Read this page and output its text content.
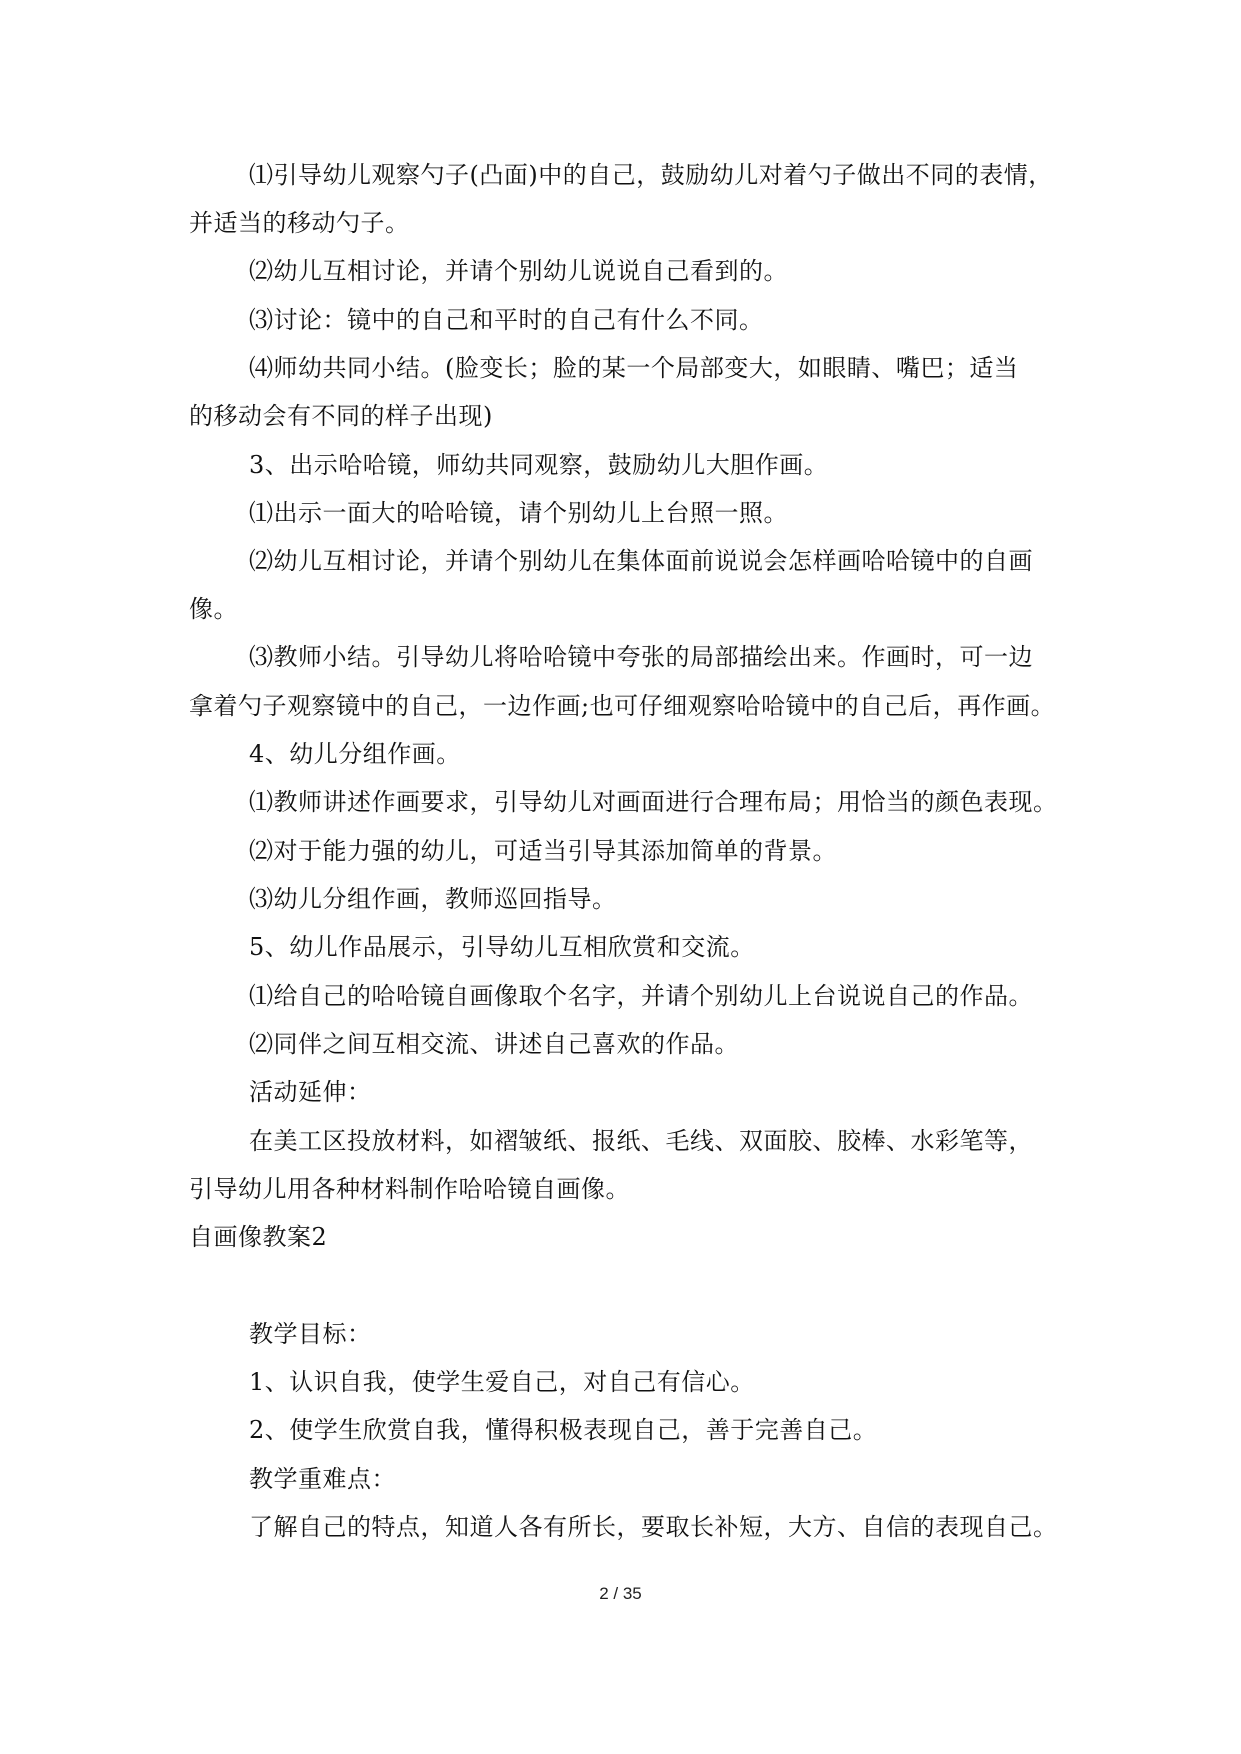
⑴引导幼儿观察勺子(凸面)中的自己，鼓励幼儿对着勺子做出不同的表情，
并适当的移动勺子。
⑵幼儿互相讨论，并请个别幼儿说说自己看到的。
⑶讨论：镜中的自己和平时的自己有什么不同。
⑷师幼共同小结。(脸变长；脸的某一个局部变大，如眼睛、嘴巴；适当
的移动会有不同的样子出现)
3、出示哈哈镜，师幼共同观察，鼓励幼儿大胆作画。
⑴出示一面大的哈哈镜，请个别幼儿上台照一照。
⑵幼儿互相讨论，并请个别幼儿在集体面前说说会怎样画哈哈镜中的自画
像。
⑶教师小结。引导幼儿将哈哈镜中夸张的局部描绘出来。作画时，可一边
拿着勺子观察镜中的自己，一边作画;也可仔细观察哈哈镜中的自己后，再作画。
4、幼儿分组作画。
⑴教师讲述作画要求，引导幼儿对画面进行合理布局；用恰当的颜色表现。
⑵对于能力强的幼儿，可适当引导其添加简单的背景。
⑶幼儿分组作画，教师巡回指导。
5、幼儿作品展示，引导幼儿互相欣赏和交流。
⑴给自己的哈哈镜自画像取个名字，并请个别幼儿上台说说自己的作品。
⑵同伴之间互相交流、讲述自己喜欢的作品。
活动延伸：
在美工区投放材料，如褶皱纸、报纸、毛线、双面胶、胶棒、水彩笔等，
引导幼儿用各种材料制作哈哈镜自画像。
自画像教案2
教学目标：
1、认识自我，使学生爱自己，对自己有信心。
2、使学生欣赏自我，懂得积极表现自己，善于完善自己。
教学重难点：
了解自己的特点，知道人各有所长，要取长补短，大方、自信的表现自己。
2 / 35
